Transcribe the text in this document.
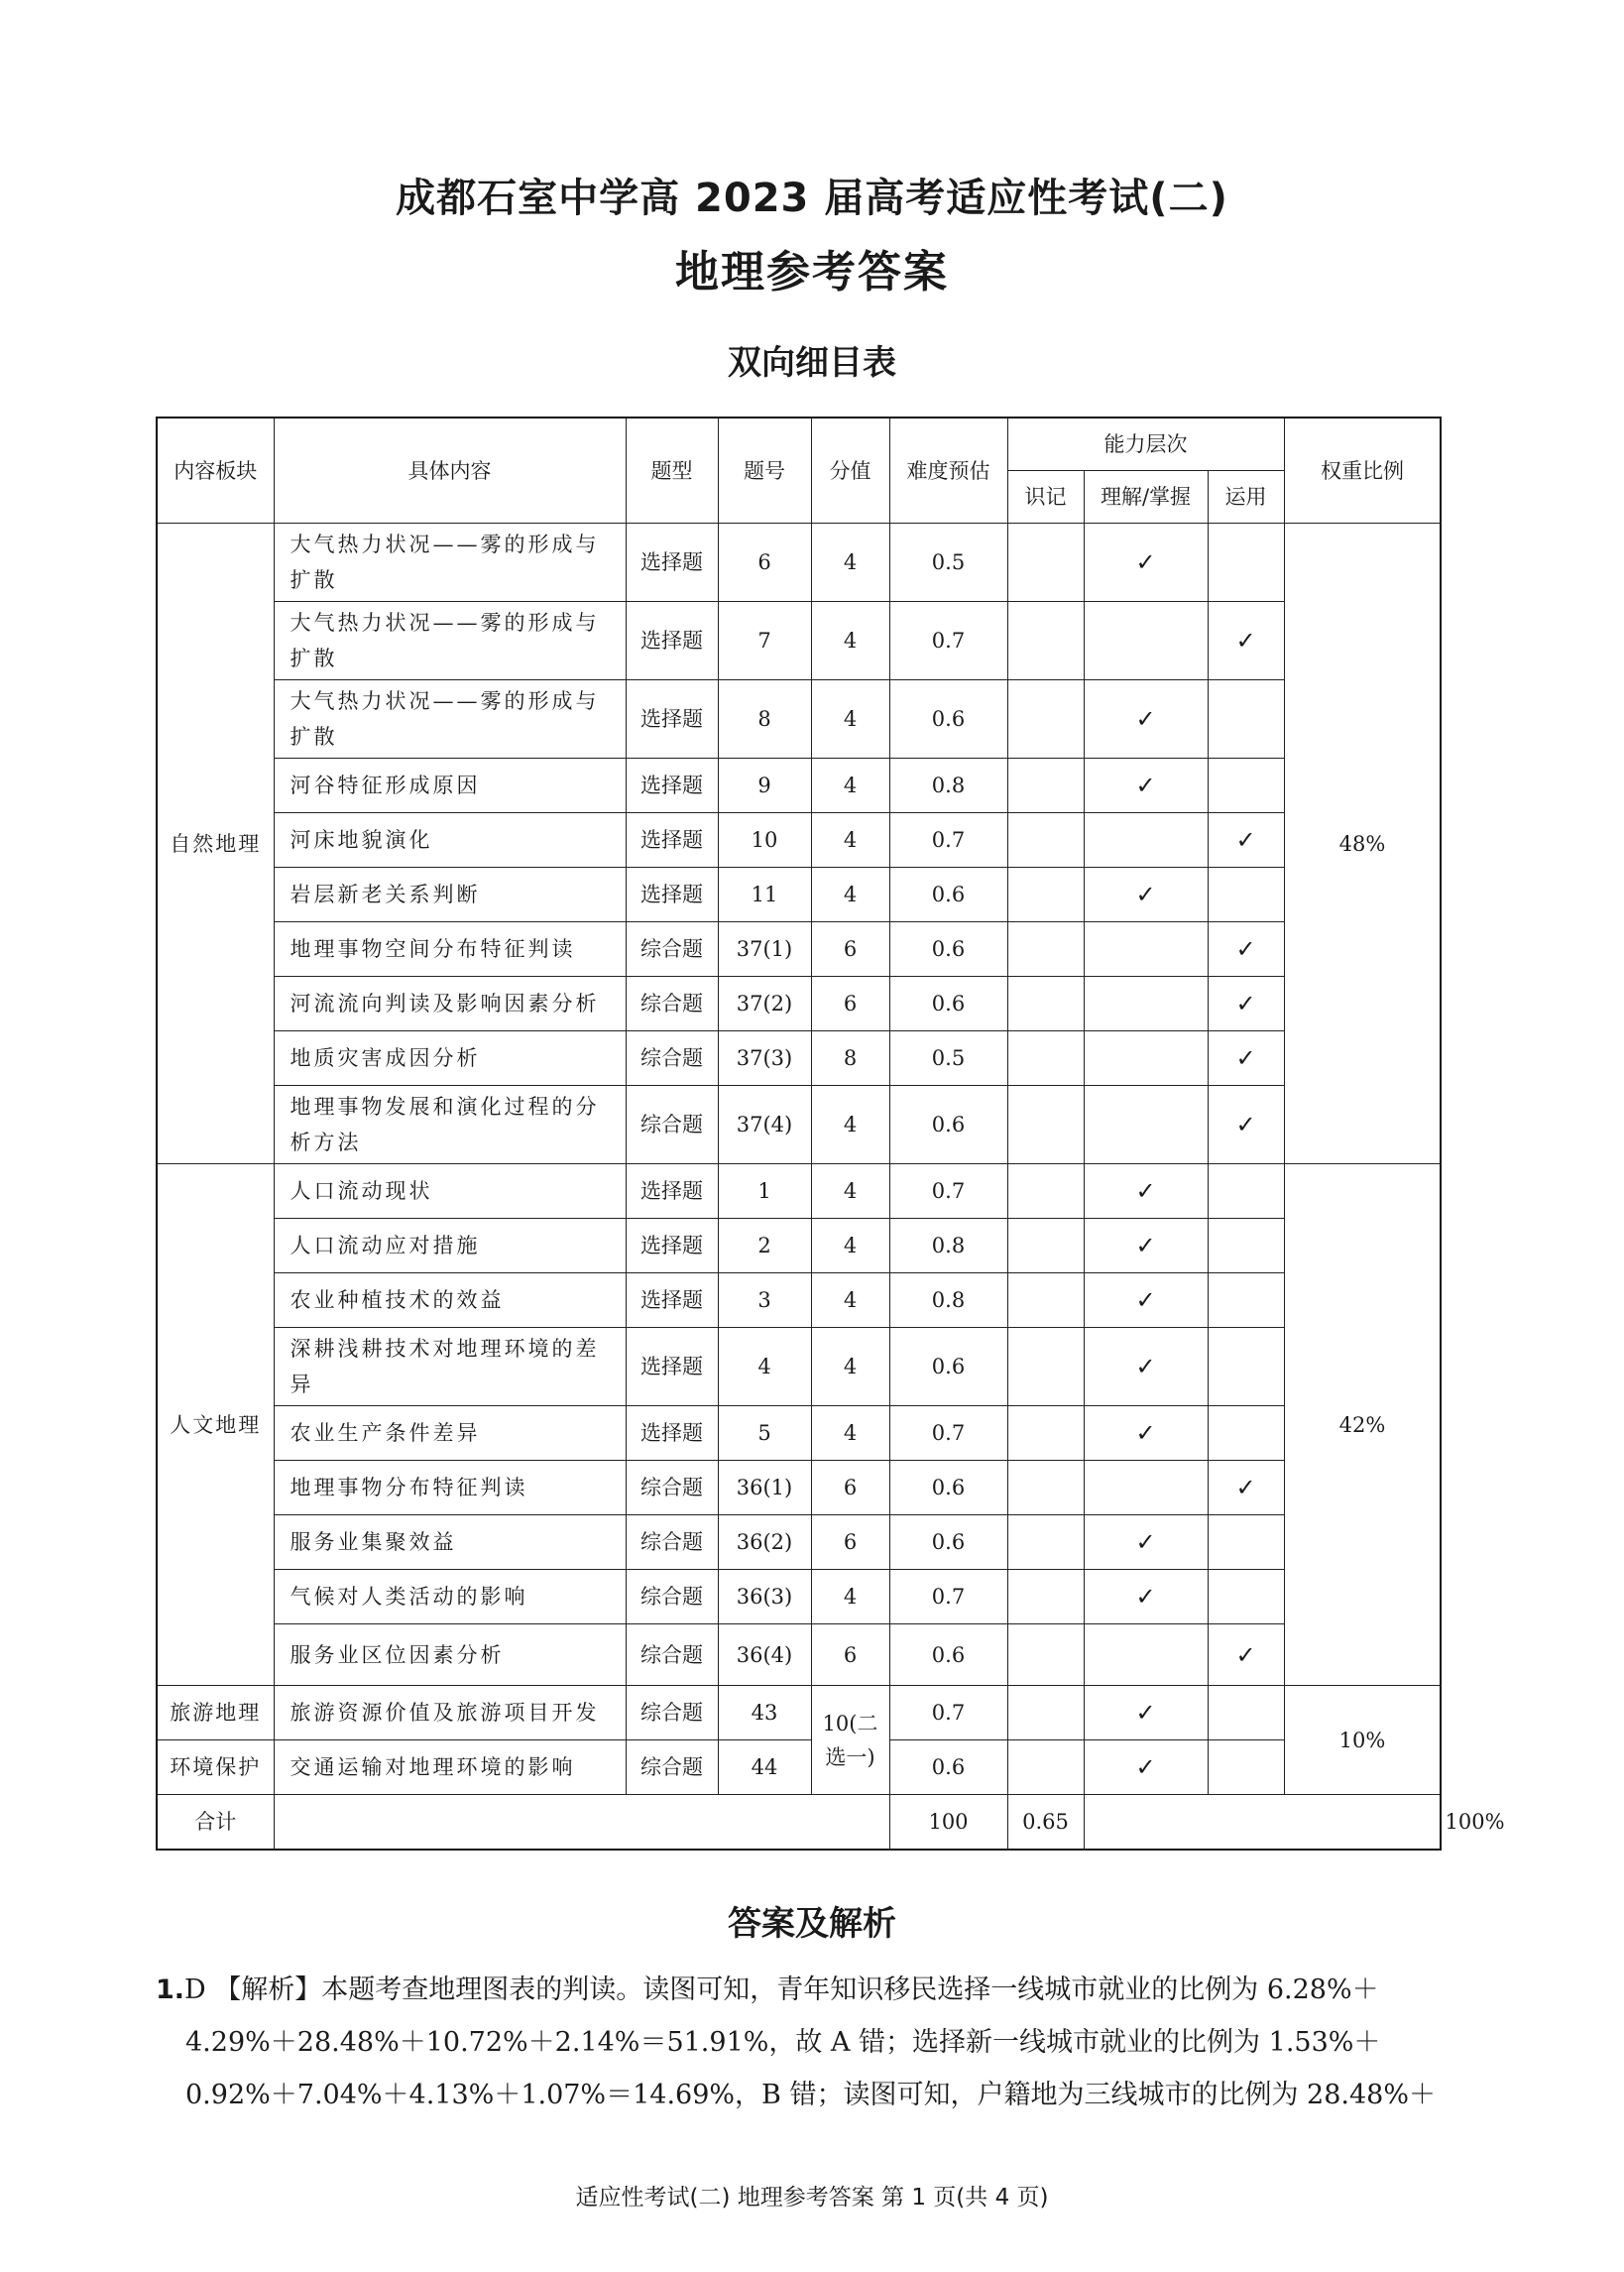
成都石室中学高 2023 届高考适应性考试(二)
地理参考答案
双向细目表
内容板块	具体内容	题型	题号	分值	难度预估	能力层次			权重比例	
						识记	理解/掌握	运用		
自然地理	大气热力状况——雾的形成与扩散	选择题	6	4	0.5		✓		48%	
	大气热力状况——雾的形成与扩散	选择题	7	4	0.7			✓		
	大气热力状况——雾的形成与扩散	选择题	8	4	0.6		✓			
	河谷特征形成原因	选择题	9	4	0.8		✓			
	河床地貌演化	选择题	10	4	0.7			✓		
	岩层新老关系判断	选择题	11	4	0.6		✓			
	地理事物空间分布特征判读	综合题	37(1)	6	0.6			✓		
	河流流向判读及影响因素分析	综合题	37(2)	6	0.6			✓		
	地质灾害成因分析	综合题	37(3)	8	0.5			✓		
	地理事物发展和演化过程的分析方法	综合题	37(4)	4	0.6			✓		
人文地理	人口流动现状	选择题	1	4	0.7		✓		42%	
	人口流动应对措施	选择题	2	4	0.8		✓			
	农业种植技术的效益	选择题	3	4	0.8		✓			
	深耕浅耕技术对地理环境的差异	选择题	4	4	0.6		✓			
	农业生产条件差异	选择题	5	4	0.7		✓			
	地理事物分布特征判读	综合题	36(1)	6	0.6			✓		
	服务业集聚效益	综合题	36(2)	6	0.6		✓			
	气候对人类活动的影响	综合题	36(3)	4	0.7		✓			
	服务业区位因素分析	综合题	36(4)	6	0.6			✓		
旅游地理	旅游资源价值及旅游项目开发	综合题	43	10(二选一)	0.7		✓		10%	
环境保护	交通运输对地理环境的影响	综合题	44		0.6		✓			
合计					100	0.65				100%
答案及解析
1.D 【解析】本题考查地理图表的判读。读图可知，青年知识移民选择一线城市就业的比例为 6.28%＋
4.29%＋28.48%＋10.72%＋2.14%＝51.91%，故 A 错；选择新一线城市就业的比例为 1.53%＋
0.92%＋7.04%＋4.13%＋1.07%＝14.69%，B 错；读图可知，户籍地为三线城市的比例为 28.48%＋
适应性考试(二) 地理参考答案 第 1 页(共 4 页)
